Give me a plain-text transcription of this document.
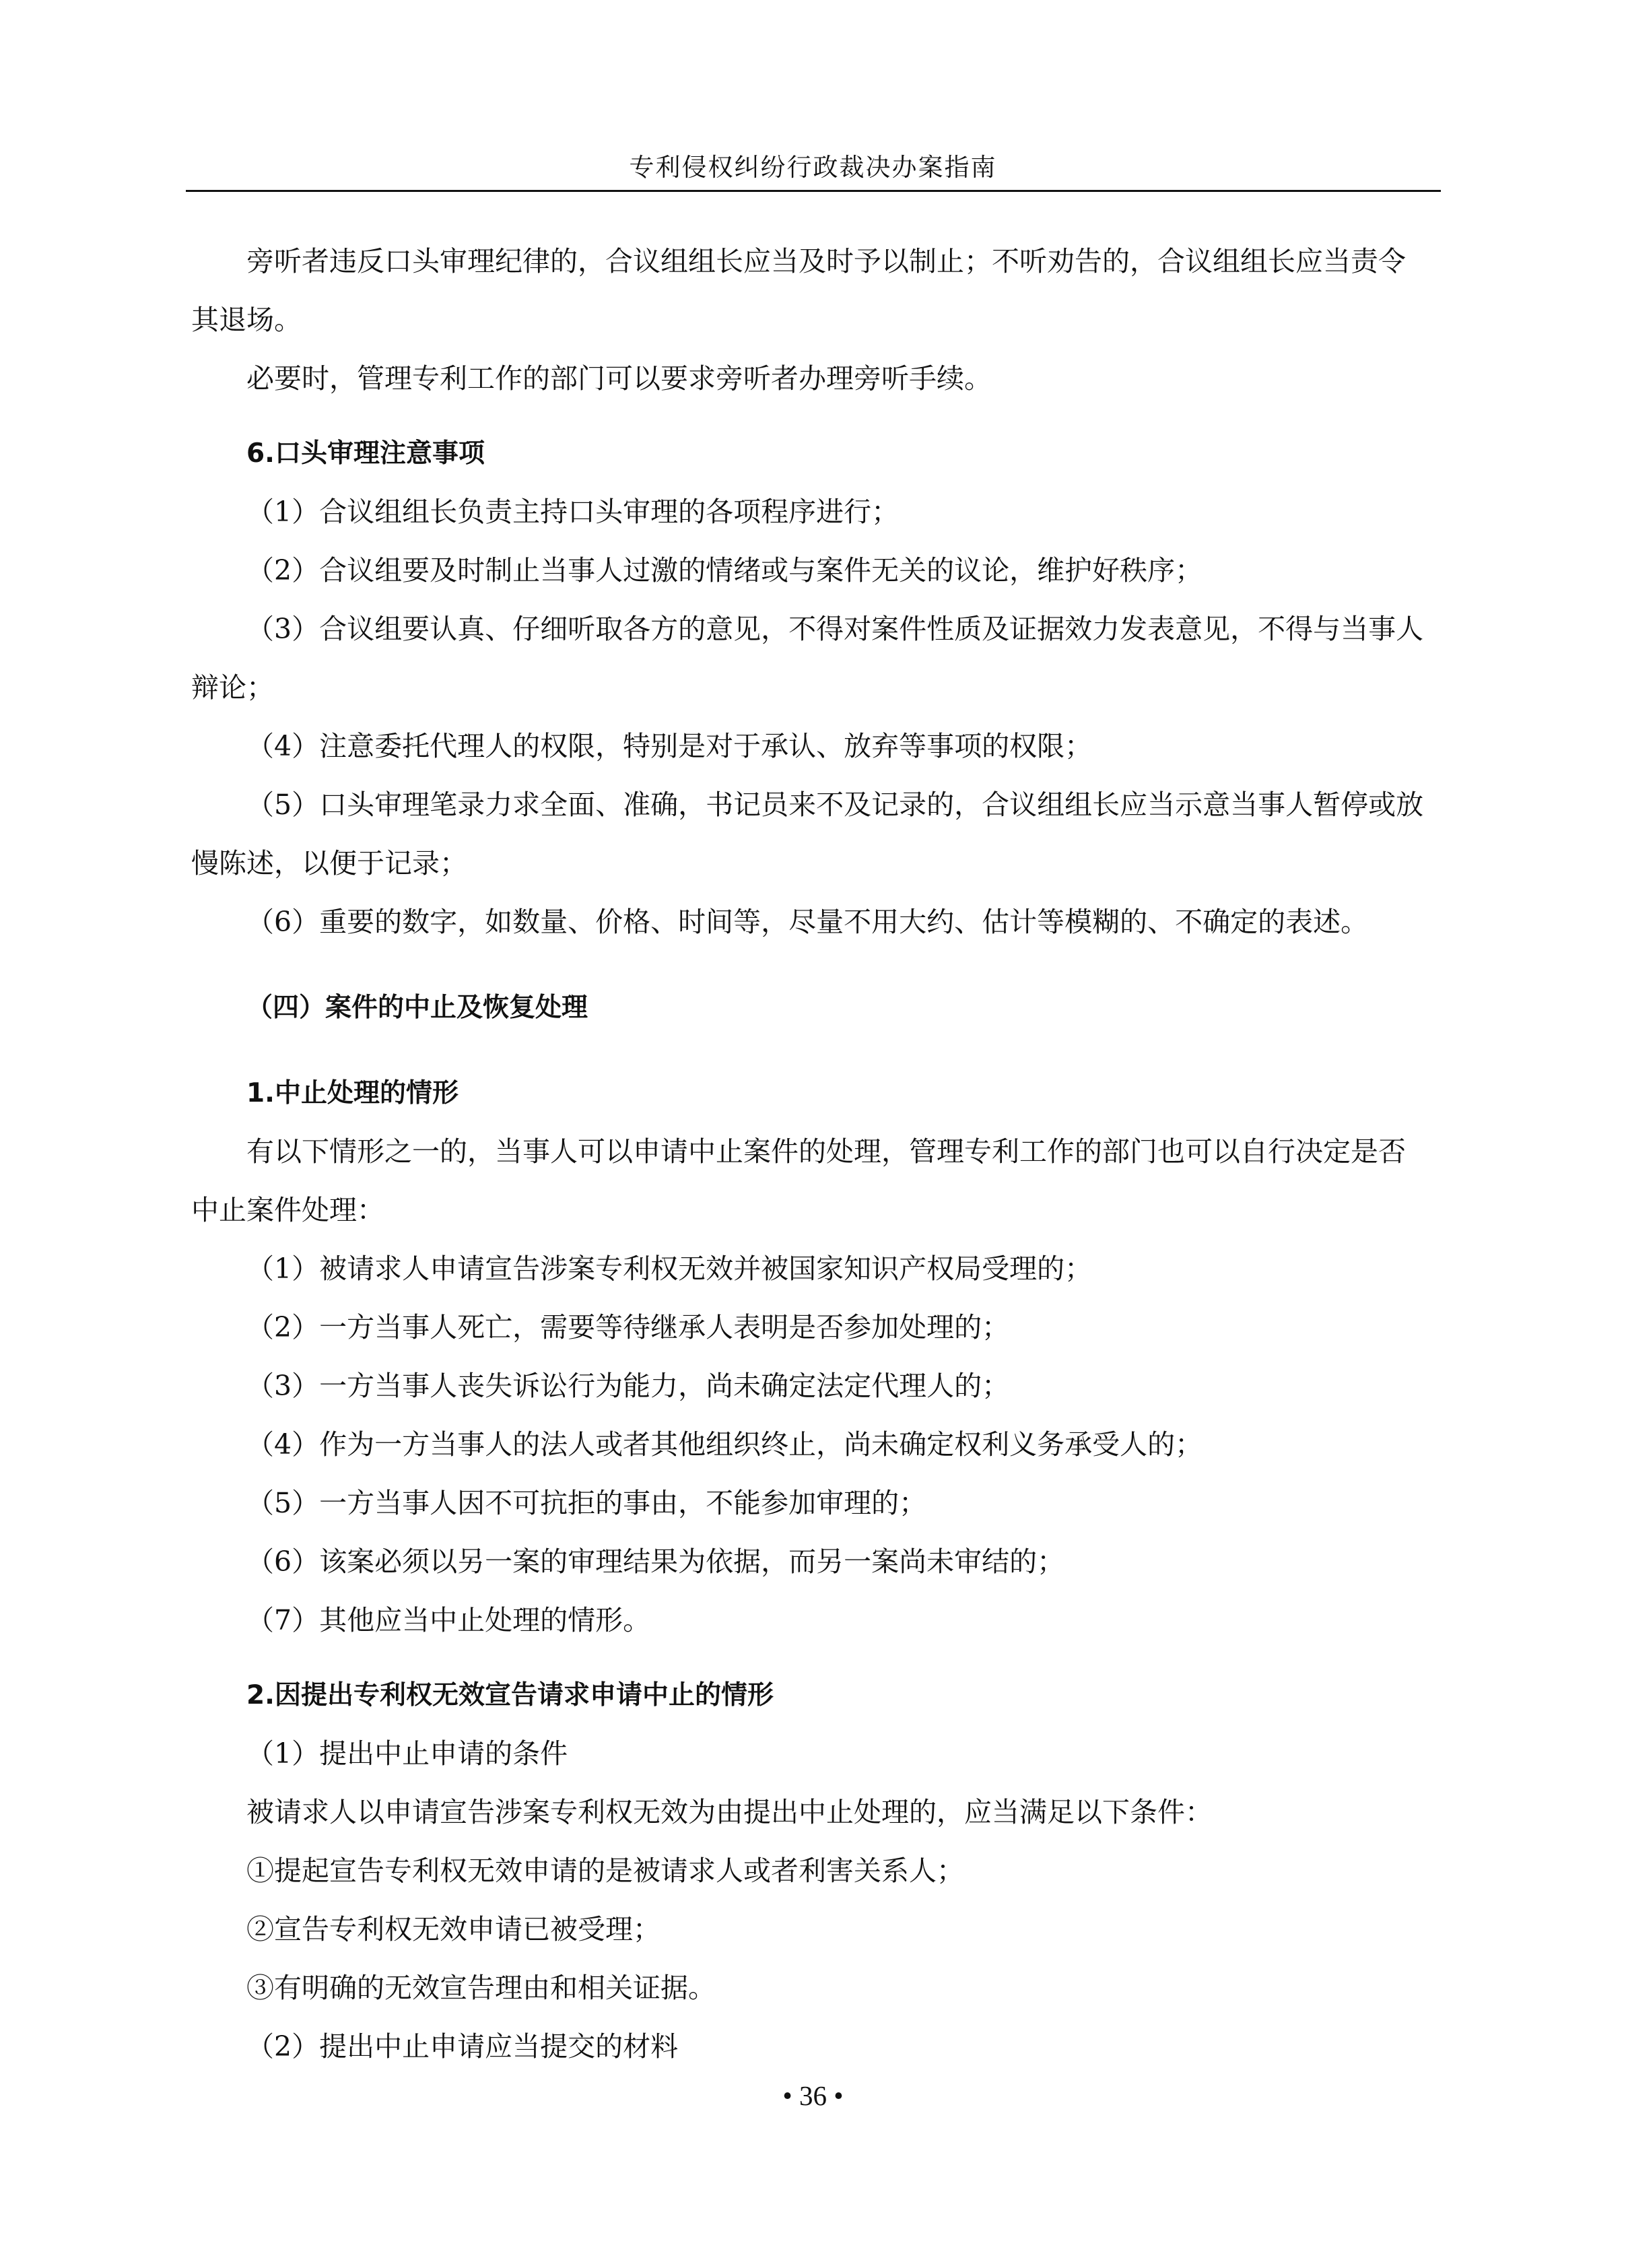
专利侵权纠纷行政裁决办案指南

旁听者违反口头审理纪律的，合议组组长应当及时予以制止；不听劝告的，合议组组长应当责令其退场。

必要时，管理专利工作的部门可以要求旁听者办理旁听手续。

6.口头审理注意事项

（1）合议组组长负责主持口头审理的各项程序进行；

（2）合议组要及时制止当事人过激的情绪或与案件无关的议论，维护好秩序；

（3）合议组要认真、仔细听取各方的意见，不得对案件性质及证据效力发表意见，不得与当事人辩论；

（4）注意委托代理人的权限，特别是对于承认、放弃等事项的权限；

（5）口头审理笔录力求全面、准确，书记员来不及记录的，合议组组长应当示意当事人暂停或放慢陈述，以便于记录；

（6）重要的数字，如数量、价格、时间等，尽量不用大约、估计等模糊的、不确定的表述。

（四）案件的中止及恢复处理

1.中止处理的情形

有以下情形之一的，当事人可以申请中止案件的处理，管理专利工作的部门也可以自行决定是否中止案件处理：

（1）被请求人申请宣告涉案专利权无效并被国家知识产权局受理的；

（2）一方当事人死亡，需要等待继承人表明是否参加处理的；

（3）一方当事人丧失诉讼行为能力，尚未确定法定代理人的；

（4）作为一方当事人的法人或者其他组织终止，尚未确定权利义务承受人的；

（5）一方当事人因不可抗拒的事由，不能参加审理的；

（6）该案必须以另一案的审理结果为依据，而另一案尚未审结的；

（7）其他应当中止处理的情形。

2.因提出专利权无效宣告请求申请中止的情形

（1）提出中止申请的条件

被请求人以申请宣告涉案专利权无效为由提出中止处理的，应当满足以下条件：

①提起宣告专利权无效申请的是被请求人或者利害关系人；

②宣告专利权无效申请已被受理；

③有明确的无效宣告理由和相关证据。

（2）提出中止申请应当提交的材料

• 36 •
